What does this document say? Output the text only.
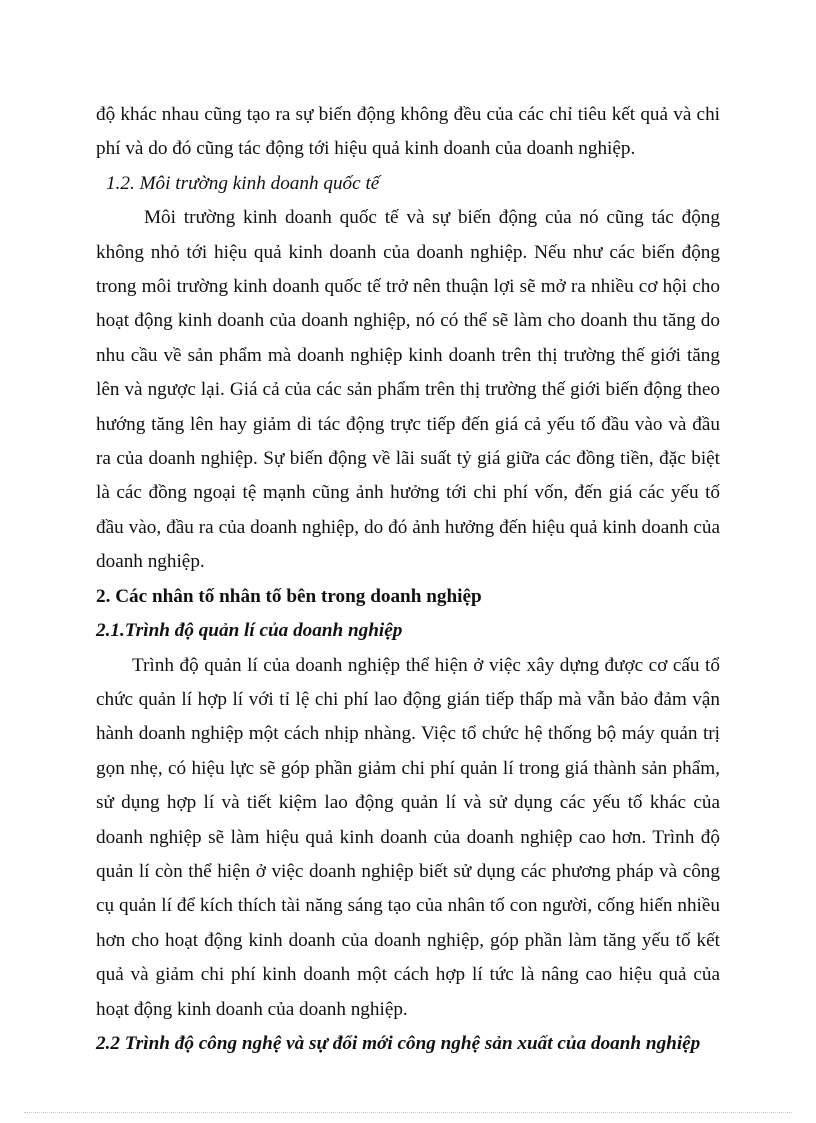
độ khác nhau cũng tạo ra sự biến động không đều của các chỉ tiêu kết quả và chi phí và do đó cũng tác động tới hiệu quả kinh doanh của doanh nghiệp.

1.2. Môi trường kinh doanh quốc tế

Môi trường kinh doanh quốc tế và sự biến động của nó cũng tác động không nhỏ tới hiệu quả kinh doanh của doanh nghiệp. Nếu như các biến động trong môi trường kinh doanh quốc tế trở nên thuận lợi sẽ mở ra nhiều cơ hội cho hoạt động kinh doanh của doanh nghiệp, nó có thể sẽ làm cho doanh thu tăng do nhu cầu về sản phẩm mà doanh nghiệp kinh doanh trên thị trường thế giới tăng lên và ngược lại. Giá cả của các sản phẩm trên thị trường thế giới biến động theo hướng tăng lên hay giảm di tác động trực tiếp đến giá cả yếu tố đầu vào và đầu ra của doanh nghiệp. Sự biến động về lãi suất tỷ giá giữa các đồng tiền, đặc biệt là các đồng ngoại tệ mạnh cũng ảnh hưởng tới chi phí vốn, đến giá các yếu tố đầu vào, đầu ra của doanh nghiệp, do đó ảnh hưởng đến hiệu quả kinh doanh của doanh nghiệp.

2. Các nhân tố nhân tố bên trong doanh nghiệp
2.1.Trình độ quản lí của doanh nghiệp

Trình độ quản lí của doanh nghiệp thể hiện ở việc xây dựng được cơ cấu tổ chức quản lí hợp lí với tỉ lệ chi phí lao động gián tiếp thấp mà vẫn bảo đảm vận hành doanh nghiệp một cách nhịp nhàng. Việc tổ chức hệ thống bộ máy quản trị gọn nhẹ, có hiệu lực sẽ góp phần giảm chi phí quản lí trong giá thành sản phẩm, sử dụng hợp lí và tiết kiệm lao động quản lí và sử dụng các yếu tố khác của doanh nghiệp sẽ làm hiệu quả kinh doanh của doanh nghiệp cao hơn. Trình độ quản lí còn thể hiện ở việc doanh nghiệp biết sử dụng các phương pháp và công cụ quản lí để kích thích tài năng sáng tạo của nhân tố con người, cống hiến nhiều hơn cho hoạt động kinh doanh của doanh nghiệp, góp phần làm tăng yếu tố kết quả và giảm chi phí kinh doanh một cách hợp lí tức là nâng cao hiệu quả của hoạt động kinh doanh của doanh nghiệp.

2.2 Trình độ công nghệ và sự đổi mới công nghệ sản xuất của doanh nghiệp
